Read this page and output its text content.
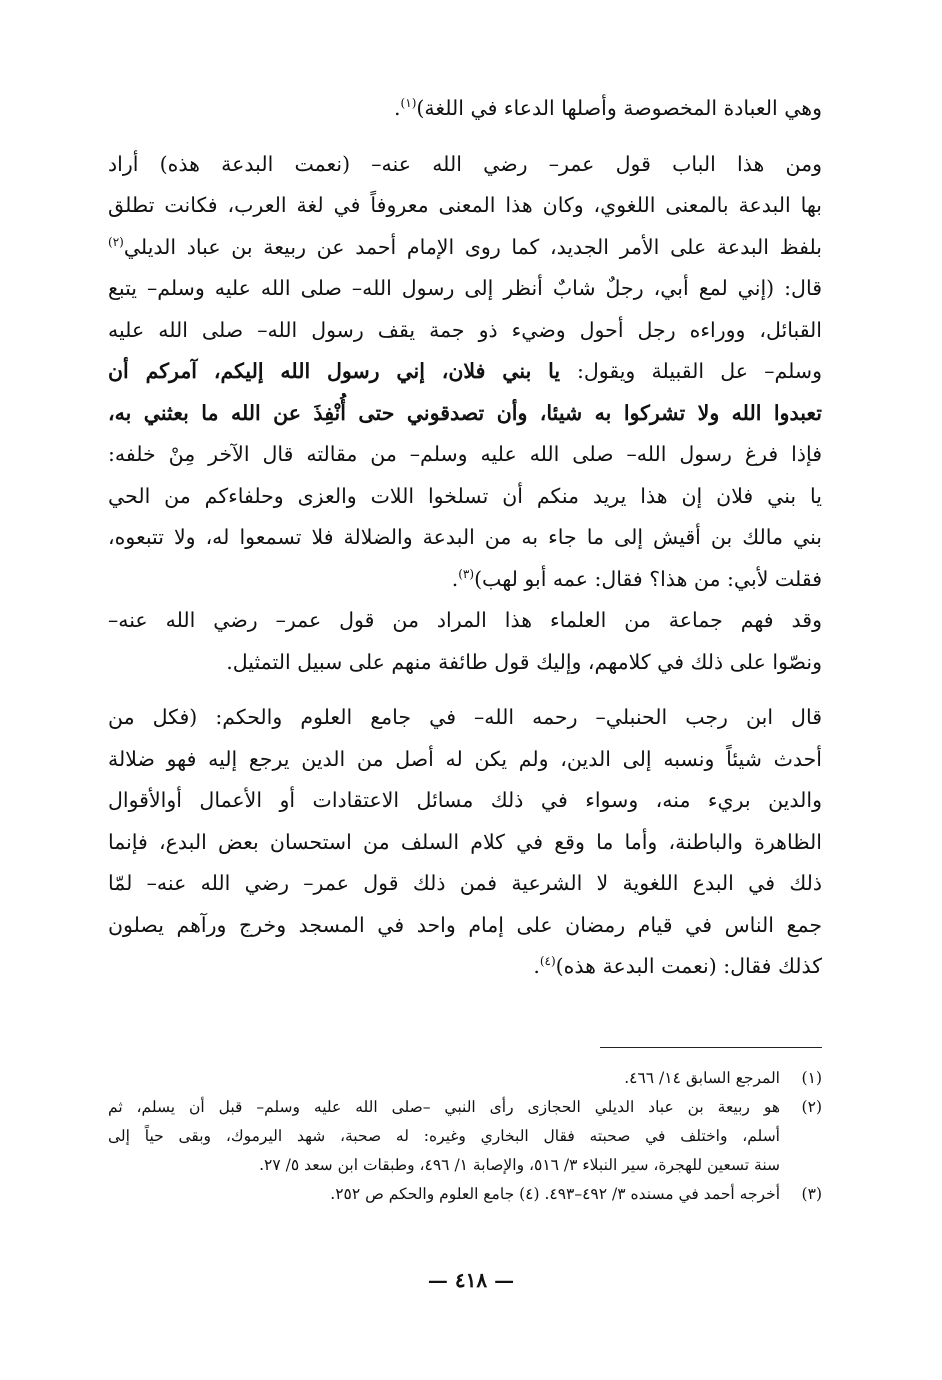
وهي العبادة المخصوصة وأصلها الدعاء في اللغة)$^{(١)}$.
ومن هذا الباب قول عمر– رضي الله عنه– (نعمت البدعة هذه) أراد
بها البدعة بالمعنى اللغوي، وكان هذا المعنى معروفاً في لغة العرب، فكانت تطلق
بلفظ البدعة على الأمر الجديد، كما روى الإمام أحمد عن ربيعة بن عباد الديلي$^{(٢)}$
قال: (إني لمع أبي، رجلٌ شابٌ أنظر إلى رسول الله– صلى الله عليه وسلم– يتبع
القبائل، ووراءه رجل أحول وضيء ذو جمة يقف رسول الله– صلى الله عليه
وسلم– عل القبيلة ويقول: يا بني فلان، إني رسول الله إليكم، آمركم أن
تعبدوا الله ولا تشركوا به شيئا، وأن تصدقوني حتى أُنْفِذَ عن الله ما بعثني به،
فإذا فرغ رسول الله– صلى الله عليه وسلم– من مقالته قال الآخر مِنْ خلفه:
يا بني فلان إن هذا يريد منكم أن تسلخوا اللات والعزى وحلفاءكم من الحي
بني مالك بن أقيش إلى ما جاء به من البدعة والضلالة فلا تسمعوا له، ولا تتبعوه،
فقلت لأبي: من هذا؟ فقال: عمه أبو لهب)$^{(٣)}$.
وقد فهم جماعة من العلماء هذا المراد من قول عمر– رضي الله عنه–
ونصّوا على ذلك في كلامهم، وإليك قول طائفة منهم على سبيل التمثيل.
قال ابن رجب الحنبلي– رحمه الله– في جامع العلوم والحكم: (فكل من
أحدث شيئاً ونسبه إلى الدين، ولم يكن له أصل من الدين يرجع إليه فهو ضلالة
والدين بريء منه، وسواء في ذلك مسائل الاعتقادات أو الأعمال أوالأقوال
الظاهرة والباطنة، وأما ما وقع في كلام السلف من استحسان بعض البدع، فإنما
ذلك في البدع اللغوية لا الشرعية فمن ذلك قول عمر– رضي الله عنه– لمّا
جمع الناس في قيام رمضان على إمام واحد في المسجد وخرج ورآهم يصلون
كذلك فقال: (نعمت البدعة هذه)$^{(٤)}$.
(١)
المرجع السابق ١٤/ ٤٦٦.
(٢)
هو ربيعة بن عباد الديلي الحجازى رأى النبي –صلى الله عليه وسلم– قبل أن يسلم، ثم
أسلم، واختلف في صحبته فقال البخاري وغيره: له صحبة، شهد اليرموك، وبقى حياً إلى
سنة تسعين للهجرة، سير النبلاء ٣/ ٥١٦، والإصابة ١/ ٤٩٦، وطبقات ابن سعد ٥/ ٢٧.
(٣)
أخرجه أحمد في مسنده ٣/ ٤٩٢–٤٩٣. (٤) جامع العلوم والحكم ص ٢٥٢.
— ٤١٨ —
